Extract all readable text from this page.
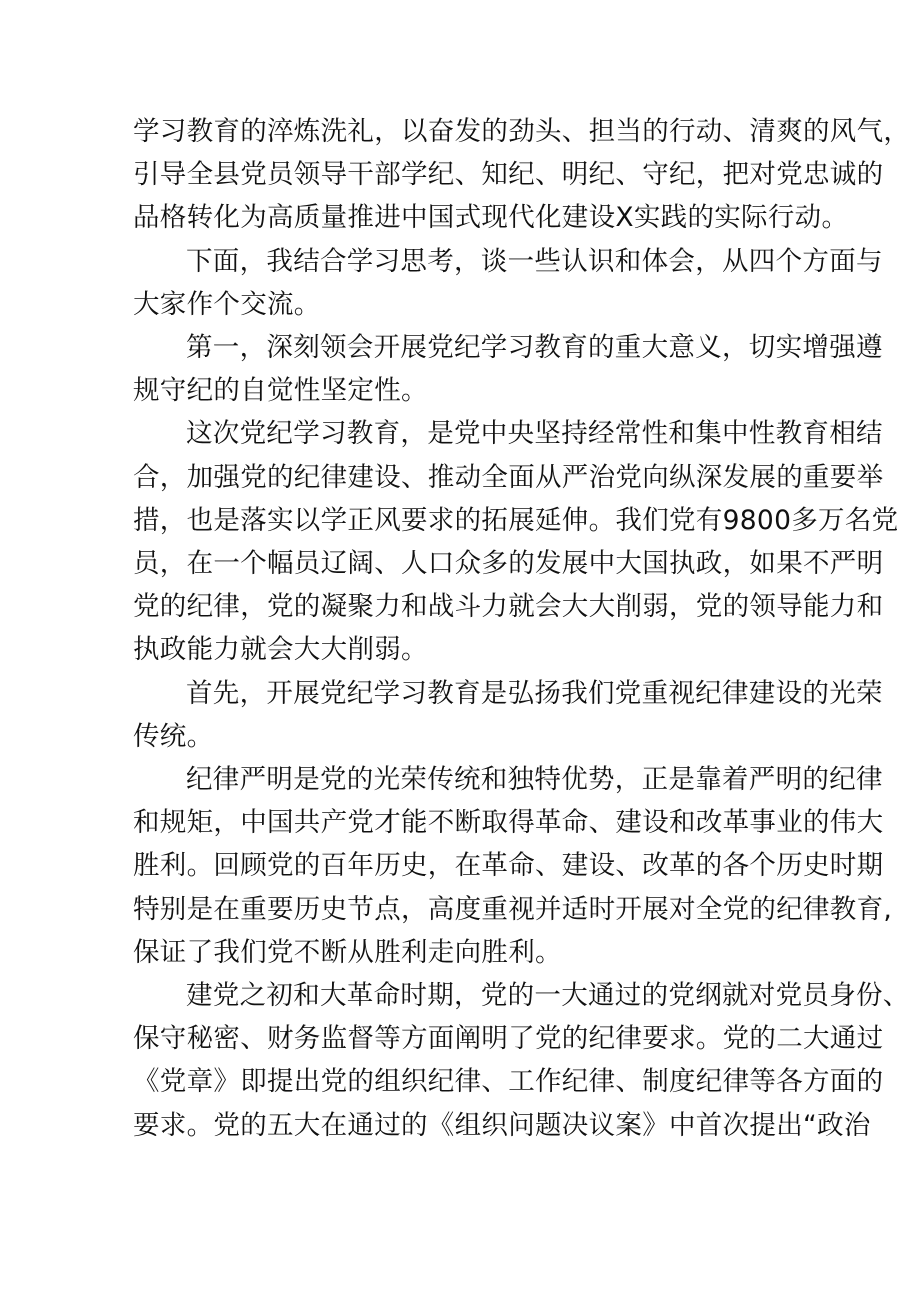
学习教育的淬炼洗礼，以奋发的劲头、担当的行动、清爽的风气，
引导全县党员领导干部学纪、知纪、明纪、守纪，把对党忠诚的
品格转化为高质量推进中国式现代化建设X实践的实际行动。
下面，我结合学习思考，谈一些认识和体会，从四个方面与
大家作个交流。
第一，深刻领会开展党纪学习教育的重大意义，切实增强遵
规守纪的自觉性坚定性。
这次党纪学习教育，是党中央坚持经常性和集中性教育相结
合，加强党的纪律建设、推动全面从严治党向纵深发展的重要举
措，也是落实以学正风要求的拓展延伸。我们党有9800多万名党
员，在一个幅员辽阔、人口众多的发展中大国执政，如果不严明
党的纪律，党的凝聚力和战斗力就会大大削弱，党的领导能力和
执政能力就会大大削弱。
首先，开展党纪学习教育是弘扬我们党重视纪律建设的光荣
传统。
纪律严明是党的光荣传统和独特优势，正是靠着严明的纪律
和规矩，中国共产党才能不断取得革命、建设和改革事业的伟大
胜利。回顾党的百年历史，在革命、建设、改革的各个历史时期
特别是在重要历史节点，高度重视并适时开展对全党的纪律教育,
保证了我们党不断从胜利走向胜利。
建党之初和大革命时期，党的一大通过的党纲就对党员身份、
保守秘密、财务监督等方面阐明了党的纪律要求。党的二大通过
《党章》即提出党的组织纪律、工作纪律、制度纪律等各方面的
要求。党的五大在通过的《组织问题决议案》中首次提出“政治
